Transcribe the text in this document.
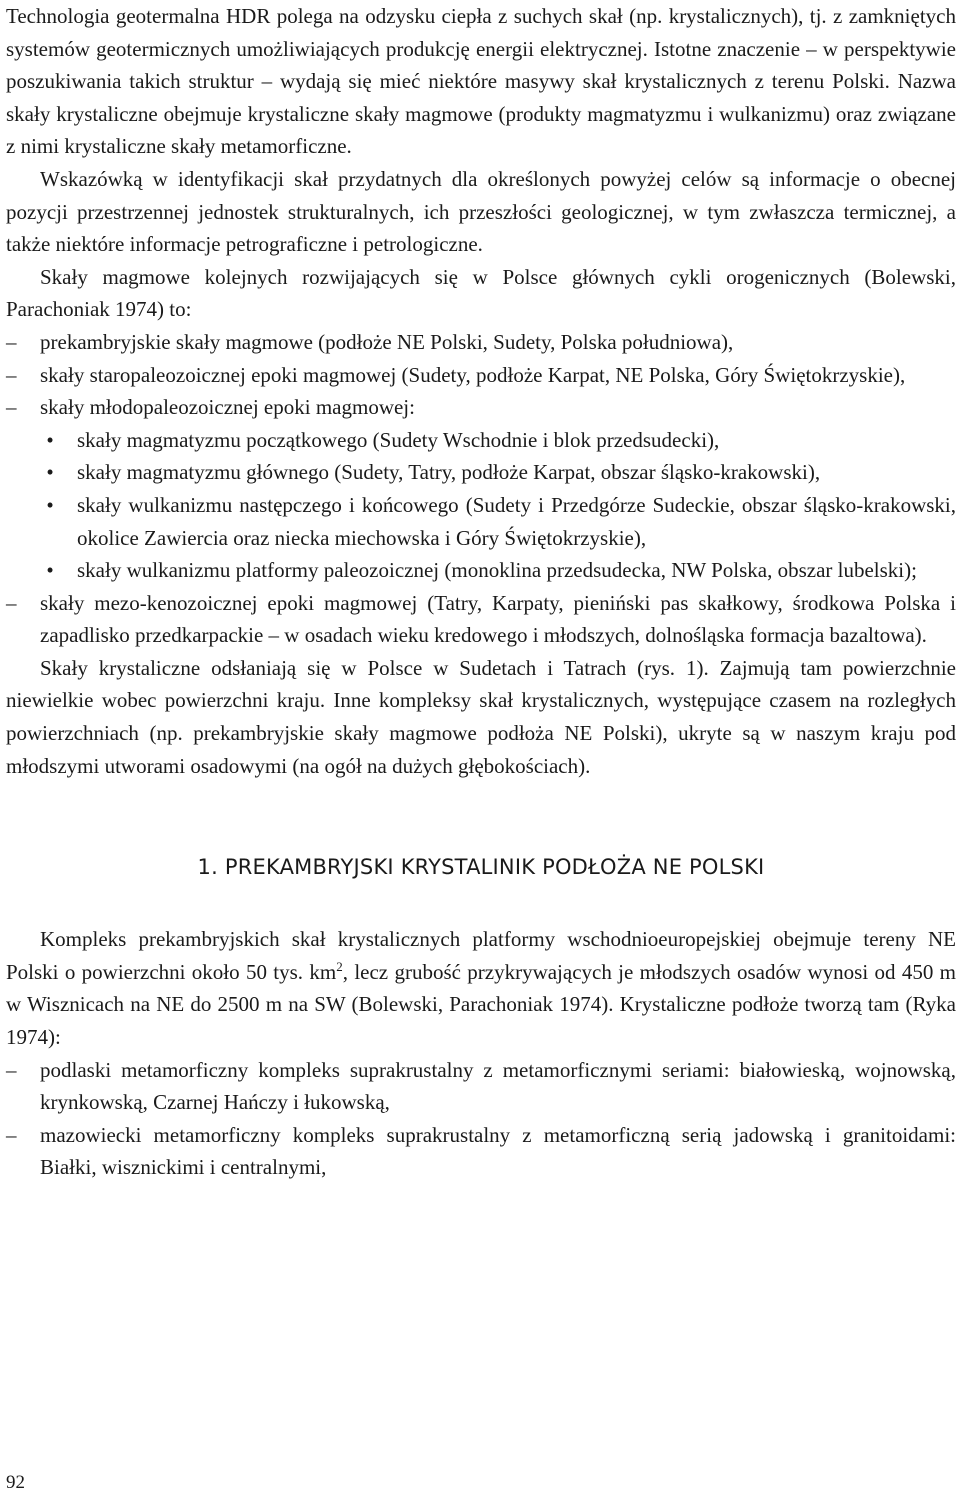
Technologia geotermalna HDR polega na odzysku ciepła z suchych skał (np. krystalicznych), tj. z zamkniętych systemów geotermicznych umożliwiających produkcję energii elektrycznej. Istotne znaczenie – w perspektywie poszukiwania takich struktur – wydają się mieć niektóre masywy skał krystalicznych z terenu Polski. Nazwa skały krystaliczne obejmuje krystaliczne skały magmowe (produkty magmatyzmu i wulkanizmu) oraz związane z nimi krystaliczne skały metamorficzne.

Wskazówką w identyfikacji skał przydatnych dla określonych powyżej celów są informacje o obecnej pozycji przestrzennej jednostek strukturalnych, ich przeszłości geologicznej, w tym zwłaszcza termicznej, a także niektóre informacje petrograficzne i petrologiczne.

Skały magmowe kolejnych rozwijających się w Polsce głównych cykli orogenicznych (Bolewski, Parachoniak 1974) to:

–	prekambryjskie skały magmowe (podłoże NE Polski, Sudety, Polska południowa),
–	skały staropaleozoicznej epoki magmowej (Sudety, podłoże Karpat, NE Polska, Góry Świętokrzyskie),
–	skały młodopaleozoicznej epoki magmowej:
•	skały magmatyzmu początkowego (Sudety Wschodnie i blok przedsudecki),
•	skały magmatyzmu głównego (Sudety, Tatry, podłoże Karpat, obszar śląsko-krakowski),
•	skały wulkanizmu następczego i końcowego (Sudety i Przedgórze Sudeckie, obszar śląsko-krakowski, okolice Zawiercia oraz niecka miechowska i Góry Świętokrzyskie),
•	skały wulkanizmu platformy paleozoicznej (monoklina przedsudecka, NW Polska, obszar lubelski);
–	skały mezo-kenozoicznej epoki magmowej (Tatry, Karpaty, pieniński pas skałkowy, środkowa Polska i zapadlisko przedkarpackie – w osadach wieku kredowego i młodszych, dolnośląska formacja bazaltowa).

Skały krystaliczne odsłaniają się w Polsce w Sudetach i Tatrach (rys. 1). Zajmują tam powierzchnie niewielkie wobec powierzchni kraju. Inne kompleksy skał krystalicznych, występujące czasem na rozległych powierzchniach (np. prekambryjskie skały magmowe podłoża NE Polski), ukryte są w naszym kraju pod młodszymi utworami osadowymi (na ogół na dużych głębokościach).

1. PREKAMBRYJSKI KRYSTALINIK PODŁOŻA NE POLSKI

Kompleks prekambryjskich skał krystalicznych platformy wschodnioeuropejskiej obejmuje tereny NE Polski o powierzchni około 50 tys. $km^2$, lecz grubość przykrywających je młodszych osadów wynosi od 450 m w Wisznicach na NE do 2500 m na SW (Bolewski, Parachoniak 1974). Krystaliczne podłoże tworzą tam (Ryka 1974):

–	podlaski metamorficzny kompleks suprakrustalny z metamorficznymi seriami: białowieską, wojnowską, krynkowską, Czarnej Hańczy i łukowską,
–	mazowiecki metamorficzny kompleks suprakrustalny z metamorficzną serią jadowską i granitoidami: Białki, wisznickimi i centralnymi,
92
